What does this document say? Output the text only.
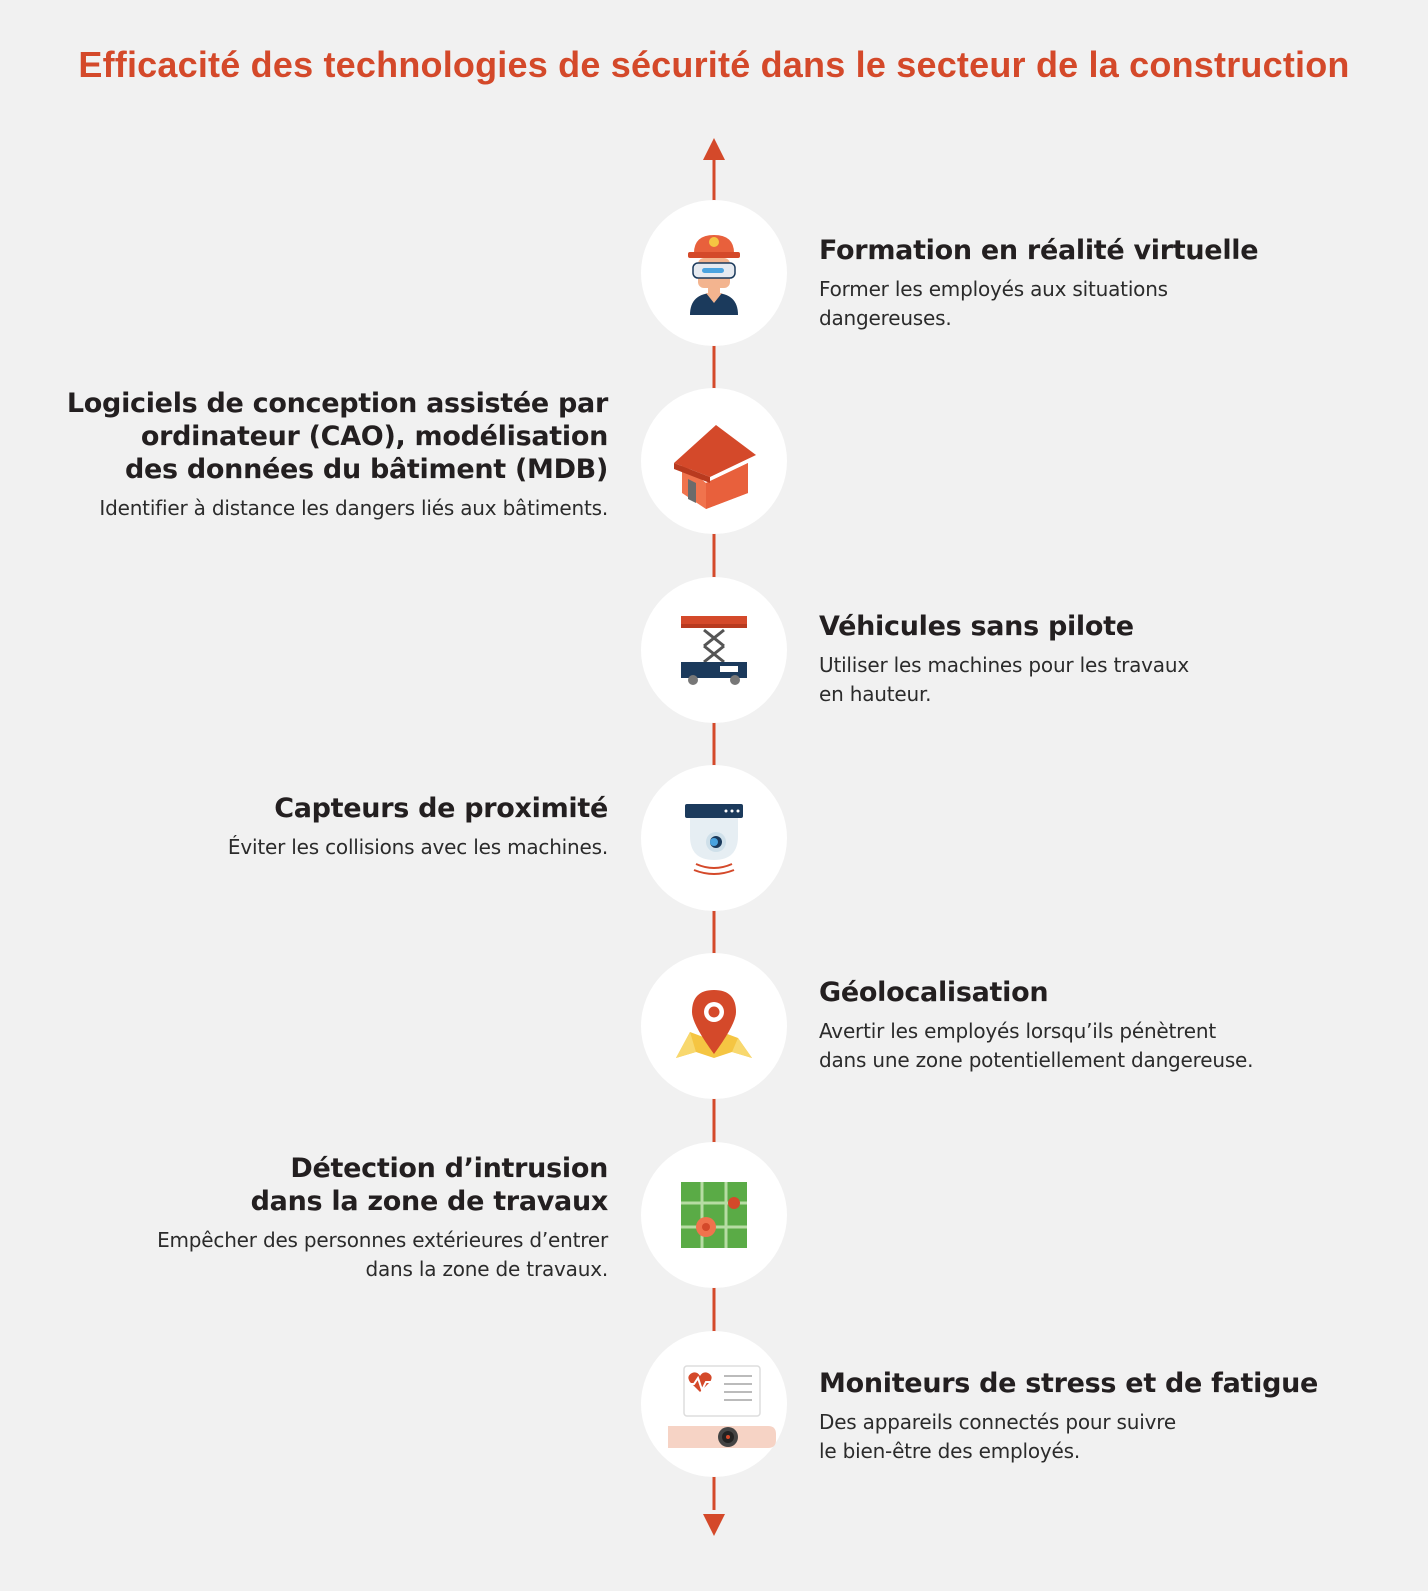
Efficacité des technologies de sécurité dans le secteur de la construction
Formation en réalité virtuelle
Former les employés aux situations
dangereuses.
Logiciels de conception assistée par
ordinateur (CAO), modélisation
des données du bâtiment (MDB)
Identifier à distance les dangers liés aux bâtiments.
Véhicules sans pilote
Utiliser les machines pour les travaux
en hauteur.
Capteurs de proximité
Éviter les collisions avec les machines.
Géolocalisation
Avertir les employés lorsqu’ils pénètrent
dans une zone potentiellement dangereuse.
Détection d’intrusion
dans la zone de travaux
Empêcher des personnes extérieures d’entrer
dans la zone de travaux.
Moniteurs de stress et de fatigue
Des appareils connectés pour suivre
le bien-être des employés.
